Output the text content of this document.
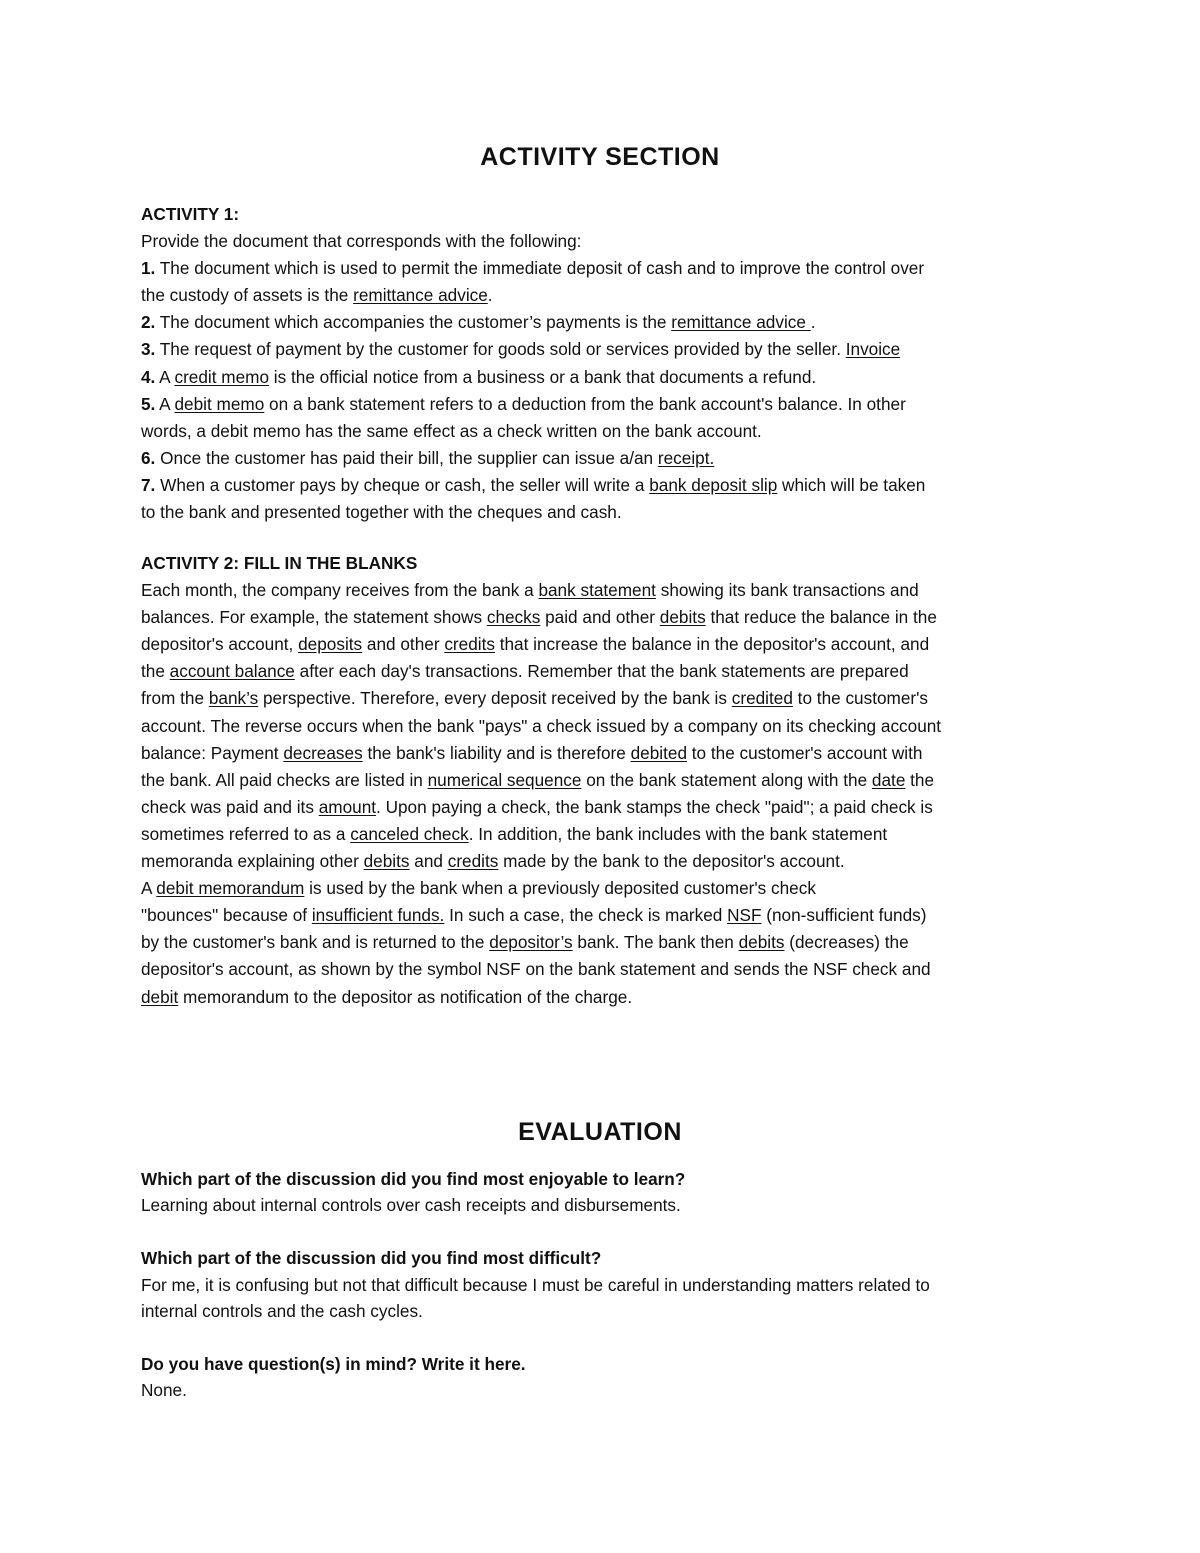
ACTIVITY SECTION
ACTIVITY 1:
Provide the document that corresponds with the following:
1. The document which is used to permit the immediate deposit of cash and to improve the control over
the custody of assets is the remittance advice.
2. The document which accompanies the customer’s payments is the remittance advice .
3. The request of payment by the customer for goods sold or services provided by the seller. Invoice
4. A credit memo is the official notice from a business or a bank that documents a refund.
5. A debit memo on a bank statement refers to a deduction from the bank account's balance. In other
words, a debit memo has the same effect as a check written on the bank account.
6. Once the customer has paid their bill, the supplier can issue a/an receipt.
7. When a customer pays by cheque or cash, the seller will write a bank deposit slip which will be taken
to the bank and presented together with the cheques and cash.
ACTIVITY 2: FILL IN THE BLANKS
Each month, the company receives from the bank a bank statement showing its bank transactions and
balances. For example, the statement shows checks paid and other debits that reduce the balance in the
depositor's account, deposits and other credits that increase the balance in the depositor's account, and
the account balance after each day's transactions. Remember that the bank statements are prepared
from the bank’s perspective. Therefore, every deposit received by the bank is credited to the customer's
account. The reverse occurs when the bank "pays" a check issued by a company on its checking account
balance: Payment decreases the bank's liability and is therefore debited to the customer's account with
the bank. All paid checks are listed in numerical sequence on the bank statement along with the date the
check was paid and its amount. Upon paying a check, the bank stamps the check "paid"; a paid check is
sometimes referred to as a canceled check. In addition, the bank includes with the bank statement
memoranda explaining other debits and credits made by the bank to the depositor's account.
A debit memorandum is used by the bank when a previously deposited customer's check
"bounces" because of insufficient funds. In such a case, the check is marked NSF (non-sufficient funds)
by the customer's bank and is returned to the depositor’s bank. The bank then debits (decreases) the
depositor's account, as shown by the symbol NSF on the bank statement and sends the NSF check and
debit memorandum to the depositor as notification of the charge.
EVALUATION
Which part of the discussion did you find most enjoyable to learn?
Learning about internal controls over cash receipts and disbursements.
Which part of the discussion did you find most difficult?
For me, it is confusing but not that difficult because I must be careful in understanding matters related to
internal controls and the cash cycles.
Do you have question(s) in mind? Write it here.
None.
